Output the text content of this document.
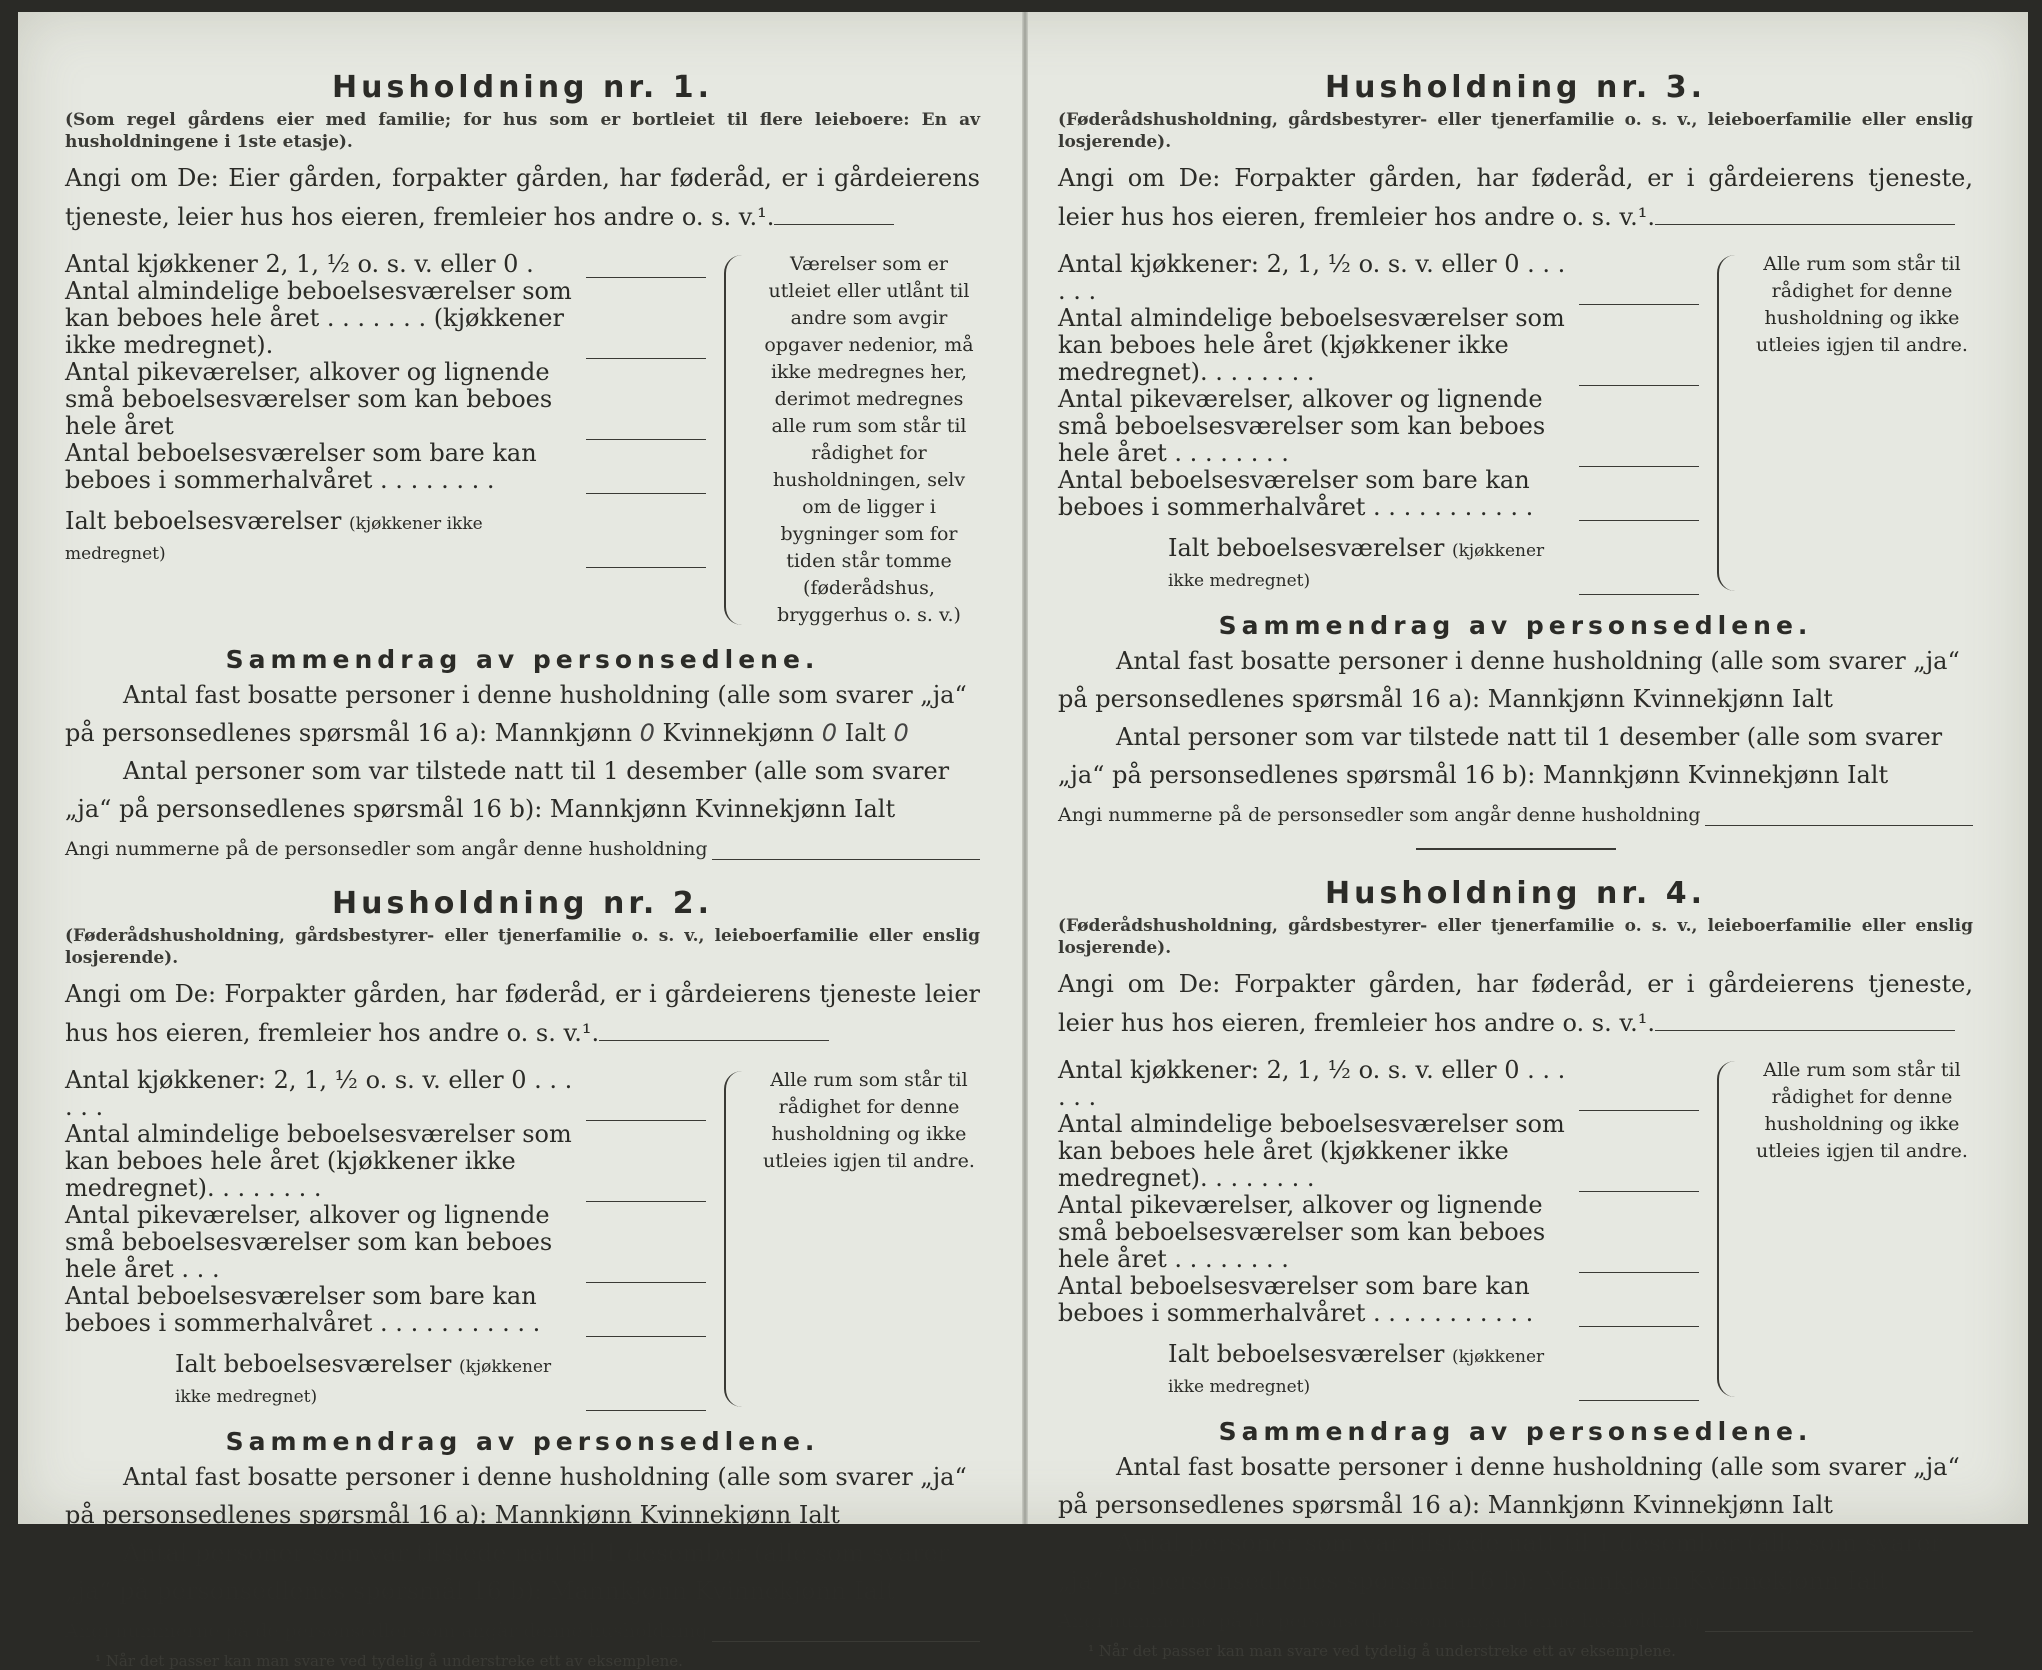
Husholdning nr. 1.

(Som regel gårdens eier med familie; for hus som er bortleiet til flere leieboere: En av husholdningene i 1ste etasje).

Angi om De: Eier gården, forpakter gården, har føderåd, er i gårdeierens tjeneste, leier hus hos eieren, fremleier hos andre o. s. v.¹.

Antal kjøkkener 2, 1, ½ o. s. v. eller 0 .
Antal almindelige beboelsesværelser som kan beboes hele året . . . . . . . (kjøkkener ikke medregnet).
Antal pikeværelser, alkover og lignende små beboelsesværelser som kan beboes hele året
Antal beboelsesværelser som bare kan beboes i sommerhalvåret . . . . . . . .
Ialt beboelsesværelser (kjøkkener ikke medregnet)
Værelser som er utleiet eller utlånt til andre som avgir opgaver nedenior, må ikke medregnes her, derimot medregnes alle rum som står til rådighet for husholdningen, selv om de ligger i bygninger som for tiden står tomme (føderådshus, bryggerhus o. s. v.)
Sammendrag av personsedlene.

Antal fast bosatte personer i denne husholdning (alle som svarer „ja“ på personsedlenes spørsmål 16 a): Mannkjønn 0 Kvinnekjønn 0 Ialt 0

Antal personer som var tilstede natt til 1 desember (alle som svarer „ja“ på personsedlenes spørsmål 16 b): Mannkjønn Kvinnekjønn Ialt

Angi nummerne på de personsedler som angår denne husholdning
Husholdning nr. 2.

(Føderådshusholdning, gårdsbestyrer- eller tjenerfamilie o. s. v., leieboerfamilie eller enslig losjerende).

Angi om De: Forpakter gården, har føderåd, er i gårdeierens tjeneste leier hus hos eieren, fremleier hos andre o. s. v.¹.

Antal kjøkkener: 2, 1, ½ o. s. v. eller 0 . . . . . .
Antal almindelige beboelsesværelser som kan beboes hele året (kjøkkener ikke medregnet). . . . . . . .
Antal pikeværelser, alkover og lignende små beboelsesværelser som kan beboes hele året . . .
Antal beboelsesværelser som bare kan beboes i sommerhalvåret . . . . . . . . . . .
Ialt beboelsesværelser (kjøkkener ikke medregnet)
Alle rum som står til rådighet for denne husholdning og ikke utleies igjen til andre.
Sammendrag av personsedlene.

Antal fast bosatte personer i denne husholdning (alle som svarer „ja“ på personsedlenes spørsmål 16 a): Mannkjønn Kvinnekjønn Ialt

Antal personer som var tilstede natt til 1 desember (alle som svarer „ja“ på personsedlenes spørsmål 16 b): Mannkjønn Kvinnekjønn Ialt

Angi nummerne på de personsedler som angår denne husholdning
¹ Når det passer kan man svare ved tydelig å understreke ett av eksemplene.
Husholdning nr. 3.

(Føderådshusholdning, gårdsbestyrer- eller tjenerfamilie o. s. v., leieboerfamilie eller enslig losjerende).

Angi om De: Forpakter gården, har føderåd, er i gårdeierens tjeneste, leier hus hos eieren, fremleier hos andre o. s. v.¹.

Antal kjøkkener: 2, 1, ½ o. s. v. eller 0 . . . . . .
Antal almindelige beboelsesværelser som kan beboes hele året (kjøkkener ikke medregnet). . . . . . . .
Antal pikeværelser, alkover og lignende små beboelsesværelser som kan beboes hele året . . . . . . . .
Antal beboelsesværelser som bare kan beboes i sommerhalvåret . . . . . . . . . . .
Ialt beboelsesværelser (kjøkkener ikke medregnet)
Alle rum som står til rådighet for denne husholdning og ikke utleies igjen til andre.
Sammendrag av personsedlene.

Antal fast bosatte personer i denne husholdning (alle som svarer „ja“ på personsedlenes spørsmål 16 a): Mannkjønn Kvinnekjønn Ialt

Antal personer som var tilstede natt til 1 desember (alle som svarer „ja“ på personsedlenes spørsmål 16 b): Mannkjønn Kvinnekjønn Ialt

Angi nummerne på de personsedler som angår denne husholdning
Husholdning nr. 4.

(Føderådshusholdning, gårdsbestyrer- eller tjenerfamilie o. s. v., leieboerfamilie eller enslig losjerende).

Angi om De: Forpakter gården, har føderåd, er i gårdeierens tjeneste, leier hus hos eieren, fremleier hos andre o. s. v.¹.

Antal kjøkkener: 2, 1, ½ o. s. v. eller 0 . . . . . .
Antal almindelige beboelsesværelser som kan beboes hele året (kjøkkener ikke medregnet). . . . . . . .
Antal pikeværelser, alkover og lignende små beboelsesværelser som kan beboes hele året . . . . . . . .
Antal beboelsesværelser som bare kan beboes i sommerhalvåret . . . . . . . . . . .
Ialt beboelsesværelser (kjøkkener ikke medregnet)
Alle rum som står til rådighet for denne husholdning og ikke utleies igjen til andre.
Sammendrag av personsedlene.

Antal fast bosatte personer i denne husholdning (alle som svarer „ja“ på personsedlenes spørsmål 16 a): Mannkjønn Kvinnekjønn Ialt

Antal personer som var tilstede natt til 1 desember (alle som svarer „ja“ på personsedlenes spørsmål 16 b): Mannkjønn Kvinnekjønn Ialt

Angi nummerne på de personsedler som angår denne husholdning
¹ Når det passer kan man svare ved tydelig å understreke ett av eksemplene.
